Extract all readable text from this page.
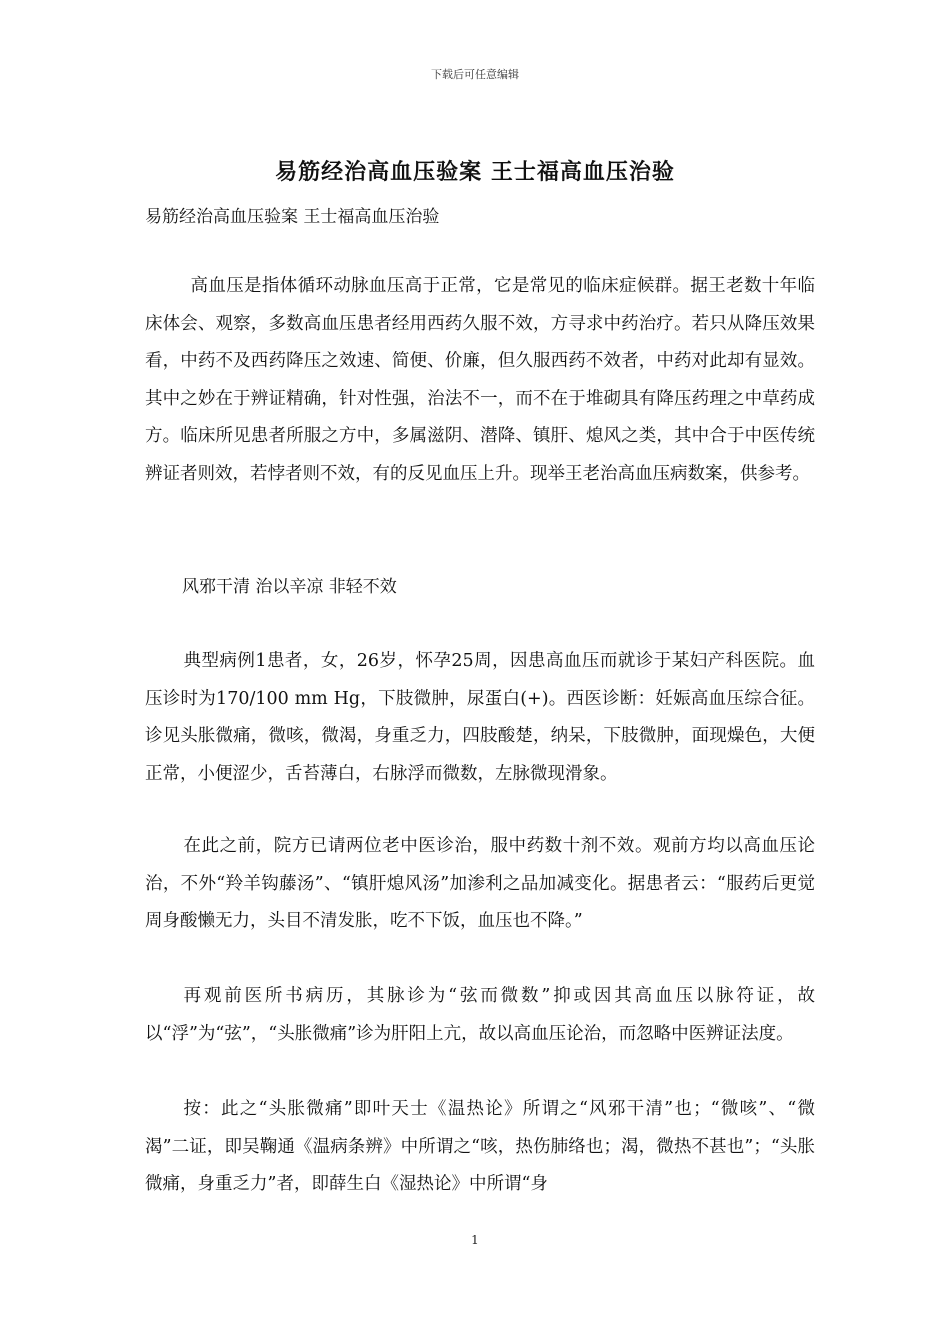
下载后可任意编辑
易筋经治高血压验案 王士福高血压治验
易筋经治高血压验案 王士福高血压治验

高血压是指体循环动脉血压高于正常，它是常见的临床症候群。据王老数十年临床体会、观察，多数高血压患者经用西药久服不效，方寻求中药治疗。若只从降压效果看，中药不及西药降压之效速、简便、价廉，但久服西药不效者，中药对此却有显效。其中之妙在于辨证精确，针对性强，治法不一，而不在于堆砌具有降压药理之中草药成方。临床所见患者所服之方中，多属滋阴、潜降、镇肝、熄风之类，其中合于中医传统辨证者则效，若悖者则不效，有的反见血压上升。现举王老治高血压病数案，供参考。

风邪干清 治以辛凉 非轻不效

典型病例1患者，女，26岁，怀孕25周，因患高血压而就诊于某妇产科医院。血压诊时为170/100 mm Hg，下肢微肿，尿蛋白(+)。西医诊断：妊娠高血压综合征。诊见头胀微痛，微咳，微渴，身重乏力，四肢酸楚，纳呆，下肢微肿，面现燥色，大便正常，小便涩少，舌苔薄白，右脉浮而微数，左脉微现滑象。

在此之前，院方已请两位老中医诊治，服中药数十剂不效。观前方均以高血压论治，不外“羚羊钩藤汤”、“镇肝熄风汤”加渗利之品加减变化。据患者云：“服药后更觉周身酸懒无力，头目不清发胀，吃不下饭，血压也不降。”

再观前医所书病历，其脉诊为“弦而微数”抑或因其高血压以脉符证，故以“浮”为“弦”，“头胀微痛”诊为肝阳上亢，故以高血压论治，而忽略中医辨证法度。

按：此之“头胀微痛”即叶天士《温热论》所谓之“风邪干清”也；“微咳”、“微渴”二证，即吴鞠通《温病条辨》中所谓之“咳，热伤肺络也；渴，微热不甚也”；“头胀微痛，身重乏力”者，即薛生白《湿热论》中所谓“身

1
